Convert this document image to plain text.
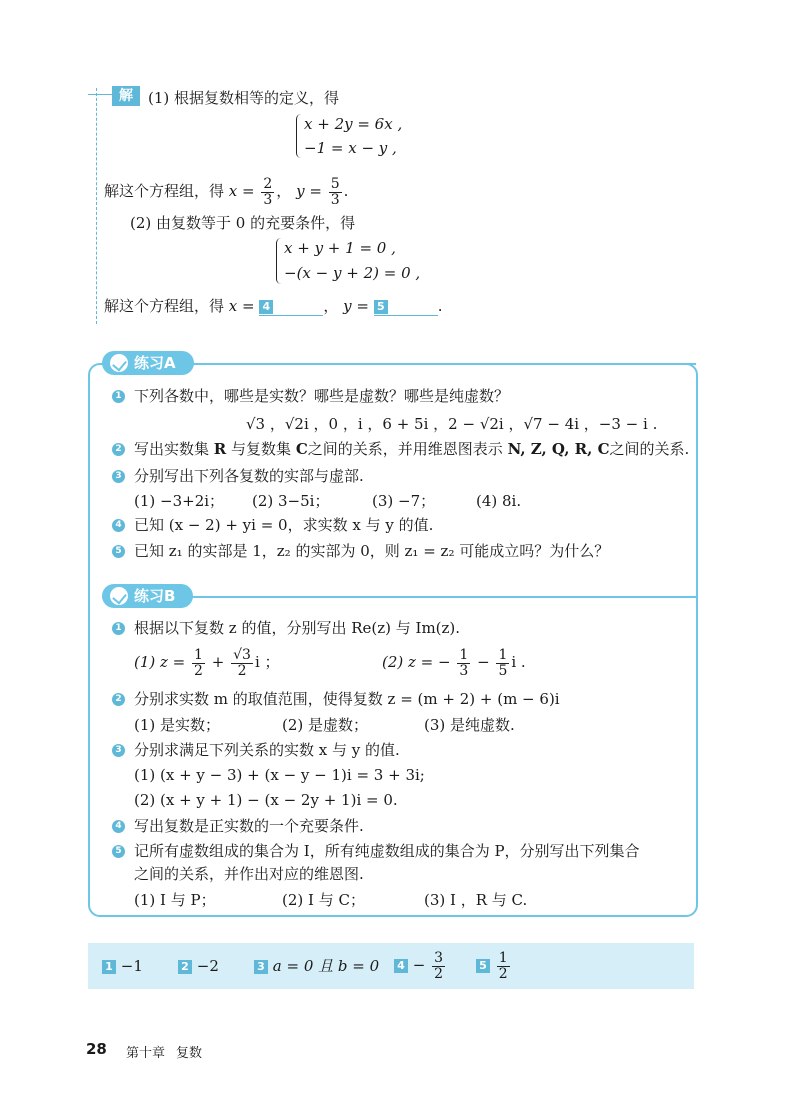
解	(1) 根据复数相等的定义，得
x + 2y = 6x ,
−1 = x − y ,
解这个方程组，得 $x = \frac{2}{3}$ ， $y = \frac{5}{3}$ .
(2) 由复数等于 0 的充要条件，得
x + y + 1 = 0 ,
−(x − y + 2) = 0 ,
解这个方程组，得 x = 4	， y = 5	.
练习A
1 下列各数中，哪些是实数？哪些是虚数？哪些是纯虚数？
√3 ，√2i ，0 ，i ，6 + 5i ，2 − √2i ，√7 − 4i ，−3 − i .
2 写出实数集 R 与复数集 C之间的关系，并用维恩图表示 N, Z, Q, R, C之间的关系.
3 分别写出下列各复数的实部与虚部.
(1) −3+2i； (2) 3−5i；	(3) −7；	(4) 8i.
4 已知 (x − 2) + yi = 0，求实数 x 与 y 的值.
5 已知 z₁ 的实部是 1，z₂ 的实部为 0，则 z₁ = z₂ 可能成立吗？为什么？
练习B
1 根据以下复数 z 的值，分别写出 Re(z) 与 Im(z).
(1) $z = \frac{1}{2} + \frac{√3}{2}$ i ；	(2) z = − $\frac{1}{3} - \frac{1}{5}$ i .
2 分别求实数 m 的取值范围，使得复数 z = (m + 2) + (m − 6)i
(1) 是实数；	(2) 是虚数；	(3) 是纯虚数.
3 分别求满足下列关系的实数 x 与 y 的值.
(1) (x + y − 3) + (x − y − 1)i = 3 + 3i;
(2) (x + y + 1) − (x − 2y + 1)i = 0.
4 写出复数是正实数的一个充要条件.
5 记所有虚数组成的集合为 I，所有纯虚数组成的集合为 P，分别写出下列集合
之间的关系，并作出对应的维恩图.
(1) I 与 P；	(2) I 与 C；	(3) I ，R 与 C.
1 −1	2 −2	3 a = 0 且 b = 0 $4 - \frac{3}{2}$	$5 \frac{1}{2}$
28 第十章 复数
